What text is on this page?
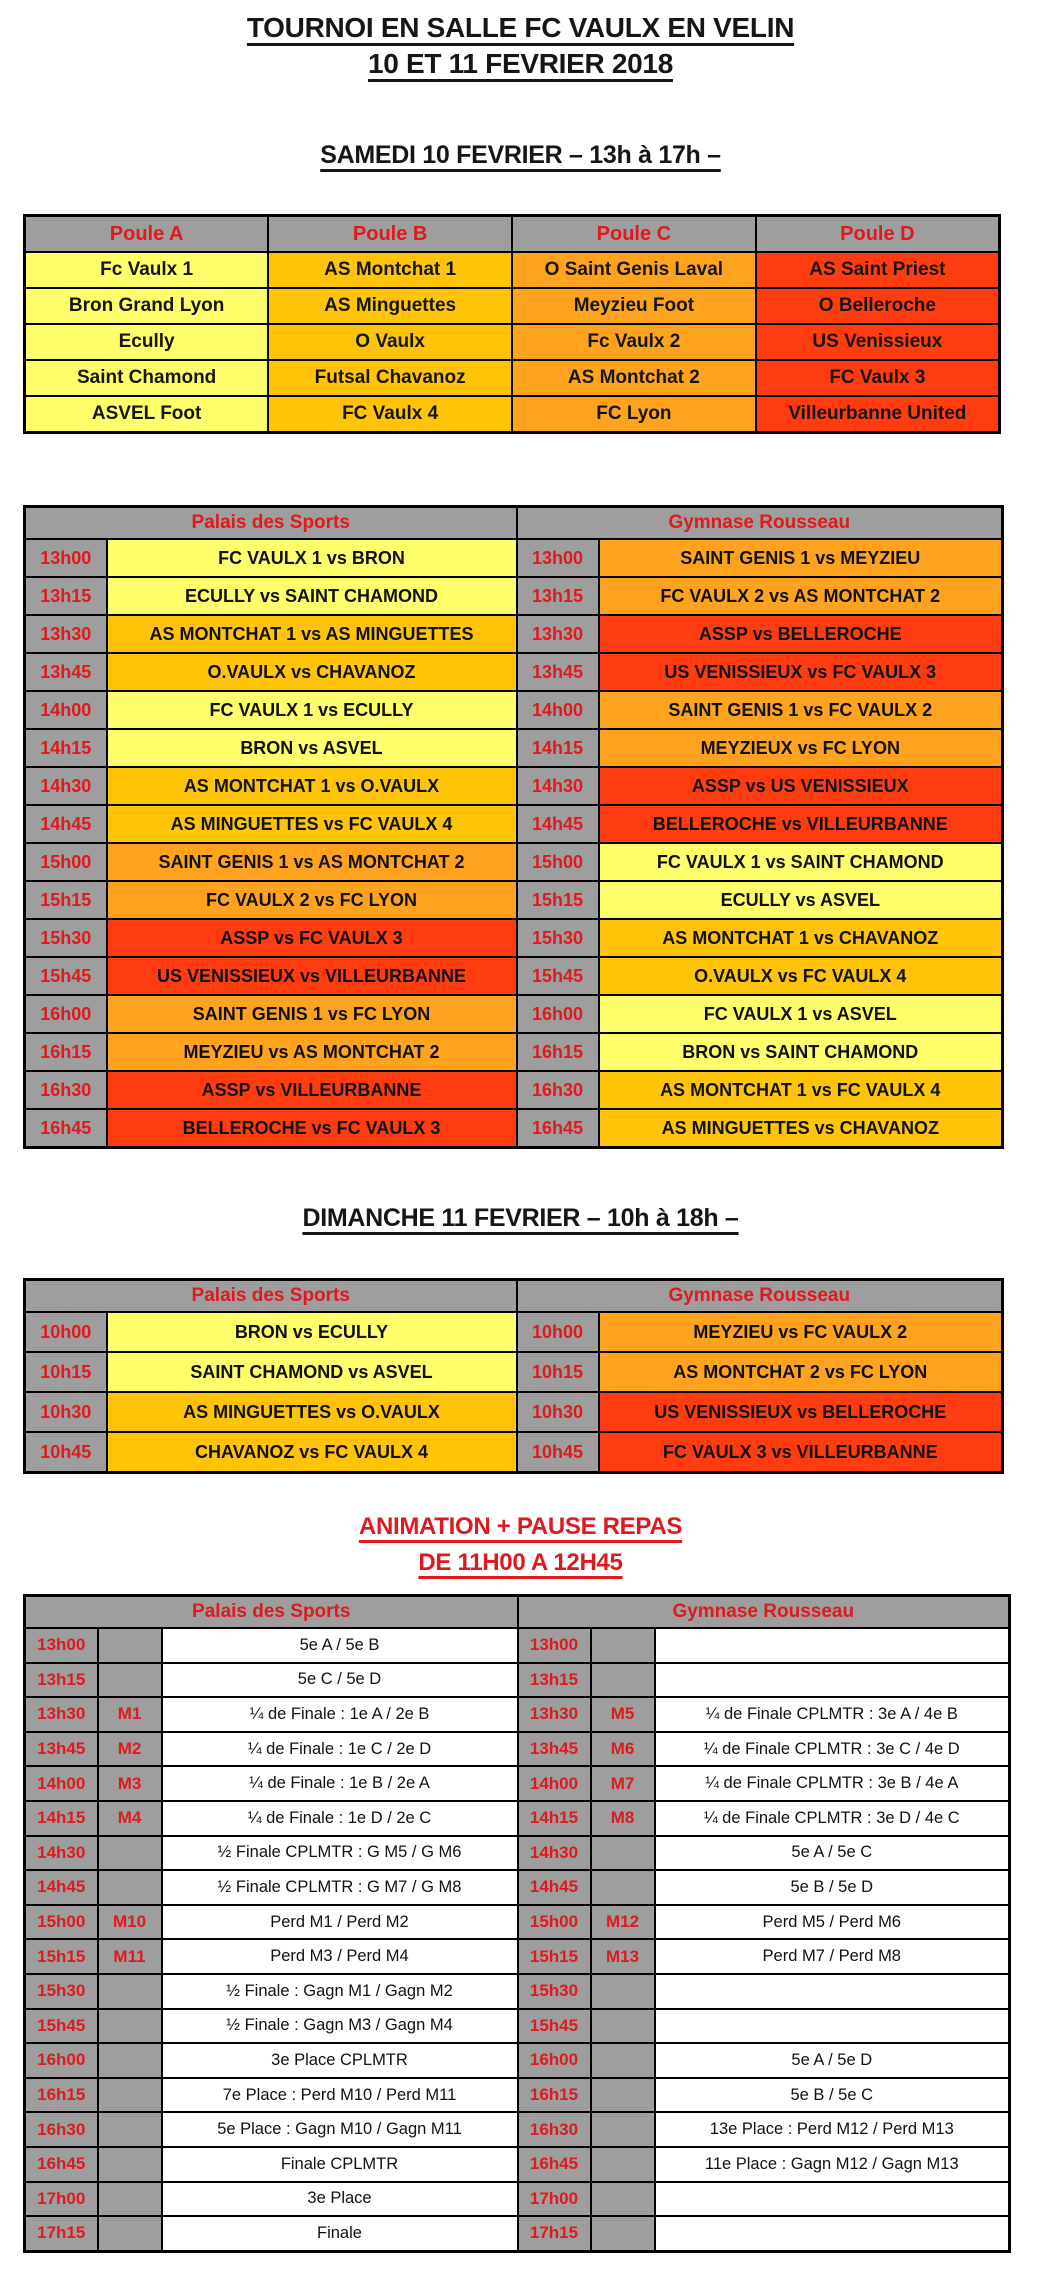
TOURNOI EN SALLE FC VAULX EN VELIN
10 ET 11 FEVRIER 2018
SAMEDI 10 FEVRIER – 13h à 17h –
Poule A	Poule B	Poule C	Poule D
Fc Vaulx 1	AS Montchat 1	O Saint Genis Laval	AS Saint Priest
Bron Grand Lyon	AS Minguettes	Meyzieu Foot	O Belleroche
Ecully	O Vaulx	Fc Vaulx 2	US Venissieux
Saint Chamond	Futsal Chavanoz	AS Montchat 2	FC Vaulx 3
ASVEL Foot	FC Vaulx 4	FC Lyon	Villeurbanne United
Palais des Sports		Gymnase Rousseau	
13h00	FC VAULX 1 vs BRON	13h00	SAINT GENIS 1 vs MEYZIEU
13h15	ECULLY vs SAINT CHAMOND	13h15	FC VAULX 2 vs AS MONTCHAT 2
13h30	AS MONTCHAT 1 vs AS MINGUETTES	13h30	ASSP vs BELLEROCHE
13h45	O.VAULX vs CHAVANOZ	13h45	US VENISSIEUX vs FC VAULX 3
14h00	FC VAULX 1 vs ECULLY	14h00	SAINT GENIS 1 vs FC VAULX 2
14h15	BRON vs ASVEL	14h15	MEYZIEUX vs FC LYON
14h30	AS MONTCHAT 1 vs O.VAULX	14h30	ASSP vs US VENISSIEUX
14h45	AS MINGUETTES vs FC VAULX 4	14h45	BELLEROCHE vs VILLEURBANNE
15h00	SAINT GENIS 1 vs AS MONTCHAT 2	15h00	FC VAULX 1 vs SAINT CHAMOND
15h15	FC VAULX 2 vs FC LYON	15h15	ECULLY vs ASVEL
15h30	ASSP vs FC VAULX 3	15h30	AS MONTCHAT 1 vs CHAVANOZ
15h45	US VENISSIEUX vs VILLEURBANNE	15h45	O.VAULX vs FC VAULX 4
16h00	SAINT GENIS 1 vs FC LYON	16h00	FC VAULX 1 vs ASVEL
16h15	MEYZIEU vs AS MONTCHAT 2	16h15	BRON vs SAINT CHAMOND
16h30	ASSP vs VILLEURBANNE	16h30	AS MONTCHAT 1 vs FC VAULX 4
16h45	BELLEROCHE vs FC VAULX 3	16h45	AS MINGUETTES vs CHAVANOZ
DIMANCHE 11 FEVRIER – 10h à 18h –
Palais des Sports		Gymnase Rousseau	
10h00	BRON vs ECULLY	10h00	MEYZIEU vs FC VAULX 2
10h15	SAINT CHAMOND vs ASVEL	10h15	AS MONTCHAT 2 vs FC LYON
10h30	AS MINGUETTES vs O.VAULX	10h30	US VENISSIEUX vs BELLEROCHE
10h45	CHAVANOZ vs FC VAULX 4	10h45	FC VAULX 3 vs VILLEURBANNE
ANIMATION + PAUSE REPAS
DE 11H00 A 12H45
Palais des Sports			Gymnase Rousseau		
13h00		5e A / 5e B	13h00		
13h15		5e C / 5e D	13h15		
13h30	M1	¼ de Finale : 1e A / 2e B	13h30	M5	¼ de Finale CPLMTR : 3e A / 4e B
13h45	M2	¼ de Finale : 1e C / 2e D	13h45	M6	¼ de Finale CPLMTR : 3e C / 4e D
14h00	M3	¼ de Finale : 1e B / 2e A	14h00	M7	¼ de Finale CPLMTR : 3e B / 4e A
14h15	M4	¼ de Finale : 1e D / 2e C	14h15	M8	¼ de Finale CPLMTR : 3e D / 4e C
14h30		½ Finale CPLMTR : G M5 / G M6	14h30		5e A / 5e C
14h45		½ Finale CPLMTR : G M7 / G M8	14h45		5e B / 5e D
15h00	M10	Perd M1 / Perd M2	15h00	M12	Perd M5 / Perd M6
15h15	M11	Perd M3 / Perd M4	15h15	M13	Perd M7 / Perd M8
15h30		½ Finale : Gagn M1 / Gagn M2	15h30		
15h45		½ Finale : Gagn M3 / Gagn M4	15h45		
16h00		3e Place CPLMTR	16h00		5e A / 5e D
16h15		7e Place : Perd M10 / Perd M11	16h15		5e B / 5e C
16h30		5e Place : Gagn M10 / Gagn M11	16h30		13e Place : Perd M12 / Perd M13
16h45		Finale CPLMTR	16h45		11e Place : Gagn M12 / Gagn M13
17h00		3e Place	17h00		
17h15		Finale	17h15		
